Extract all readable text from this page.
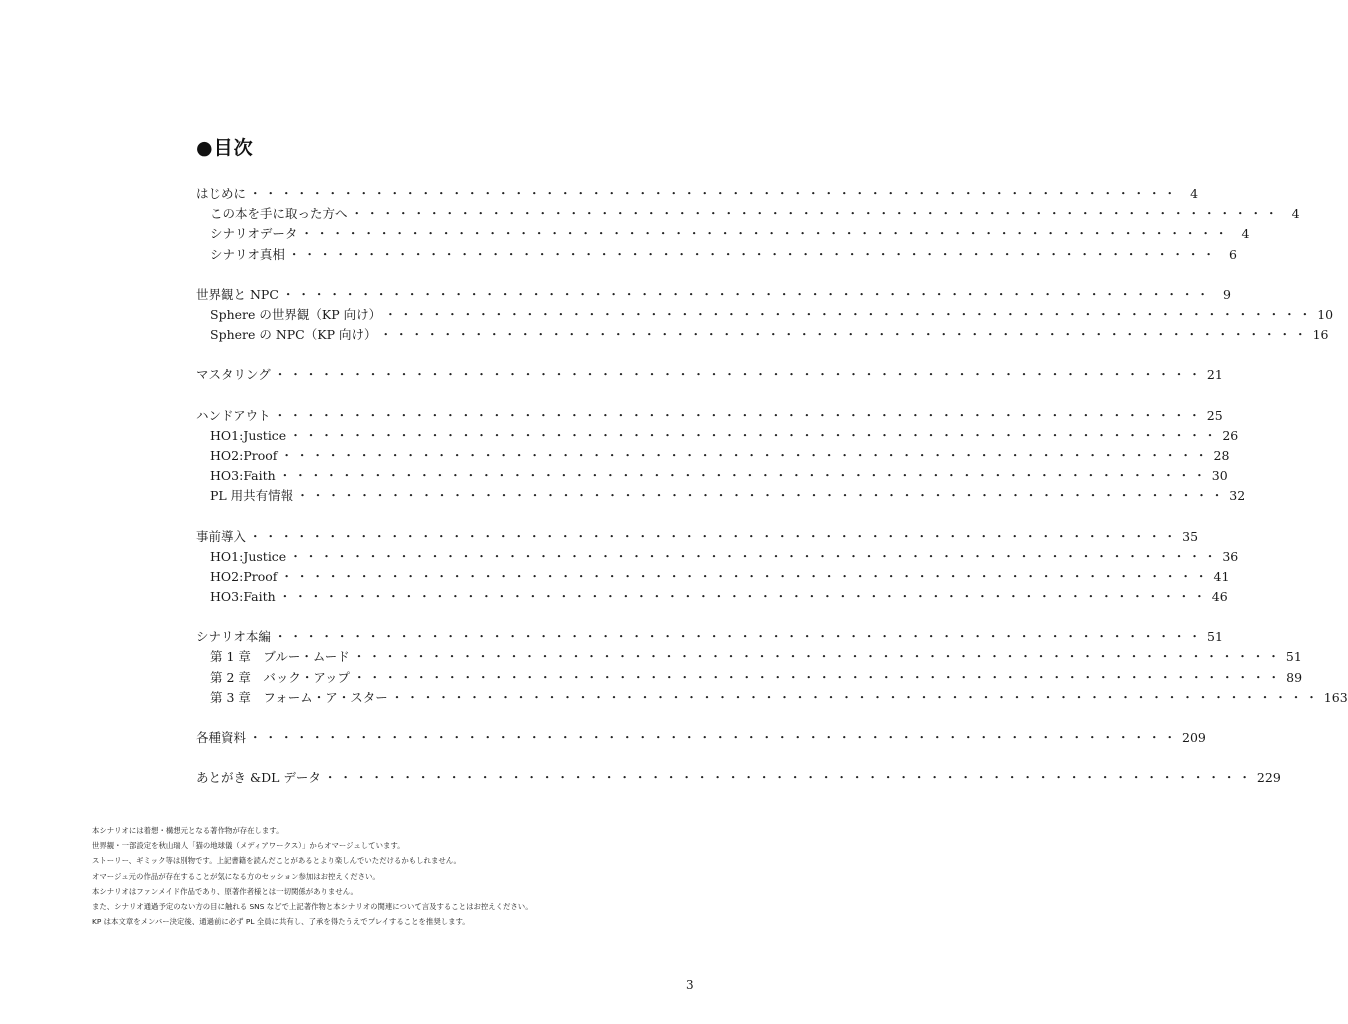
●目次
はじめに ・・・・・・・・・・・・・・・・・・・・・・・・・・・・・・・・・・・・・・・・・・・・・・・・・・・・・・・・・・・・ 4
この本を手に取った方へ ・・・・・・・・・・・・・・・・・・・・・・・・・・・・・・・・・・・・・・・・・・・・・・・・・・・・・・・・・・・・ 4
シナリオデータ ・・・・・・・・・・・・・・・・・・・・・・・・・・・・・・・・・・・・・・・・・・・・・・・・・・・・・・・・・・・・ 4
シナリオ真相 ・・・・・・・・・・・・・・・・・・・・・・・・・・・・・・・・・・・・・・・・・・・・・・・・・・・・・・・・・・・・ 6
世界観と NPC ・・・・・・・・・・・・・・・・・・・・・・・・・・・・・・・・・・・・・・・・・・・・・・・・・・・・・・・・・・・・ 9
Sphere の世界観（KP 向け） ・・・・・・・・・・・・・・・・・・・・・・・・・・・・・・・・・・・・・・・・・・・・・・・・・・・・・・・・・・・・ 10
Sphere の NPC（KP 向け） ・・・・・・・・・・・・・・・・・・・・・・・・・・・・・・・・・・・・・・・・・・・・・・・・・・・・・・・・・・・・ 16
マスタリング ・・・・・・・・・・・・・・・・・・・・・・・・・・・・・・・・・・・・・・・・・・・・・・・・・・・・・・・・・・・・ 21
ハンドアウト ・・・・・・・・・・・・・・・・・・・・・・・・・・・・・・・・・・・・・・・・・・・・・・・・・・・・・・・・・・・・ 25
HO1:Justice ・・・・・・・・・・・・・・・・・・・・・・・・・・・・・・・・・・・・・・・・・・・・・・・・・・・・・・・・・・・・ 26
HO2:Proof ・・・・・・・・・・・・・・・・・・・・・・・・・・・・・・・・・・・・・・・・・・・・・・・・・・・・・・・・・・・・ 28
HO3:Faith ・・・・・・・・・・・・・・・・・・・・・・・・・・・・・・・・・・・・・・・・・・・・・・・・・・・・・・・・・・・・ 30
PL 用共有情報 ・・・・・・・・・・・・・・・・・・・・・・・・・・・・・・・・・・・・・・・・・・・・・・・・・・・・・・・・・・・・ 32
事前導入 ・・・・・・・・・・・・・・・・・・・・・・・・・・・・・・・・・・・・・・・・・・・・・・・・・・・・・・・・・・・・ 35
HO1:Justice ・・・・・・・・・・・・・・・・・・・・・・・・・・・・・・・・・・・・・・・・・・・・・・・・・・・・・・・・・・・・ 36
HO2:Proof ・・・・・・・・・・・・・・・・・・・・・・・・・・・・・・・・・・・・・・・・・・・・・・・・・・・・・・・・・・・・ 41
HO3:Faith ・・・・・・・・・・・・・・・・・・・・・・・・・・・・・・・・・・・・・・・・・・・・・・・・・・・・・・・・・・・・ 46
シナリオ本編 ・・・・・・・・・・・・・・・・・・・・・・・・・・・・・・・・・・・・・・・・・・・・・・・・・・・・・・・・・・・・ 51
第 1 章　ブルー・ムード ・・・・・・・・・・・・・・・・・・・・・・・・・・・・・・・・・・・・・・・・・・・・・・・・・・・・・・・・・・・・ 51
第 2 章　バック・アップ ・・・・・・・・・・・・・・・・・・・・・・・・・・・・・・・・・・・・・・・・・・・・・・・・・・・・・・・・・・・・ 89
第 3 章　フォーム・ア・スター ・・・・・・・・・・・・・・・・・・・・・・・・・・・・・・・・・・・・・・・・・・・・・・・・・・・・・・・・・・・・ 163
各種資料 ・・・・・・・・・・・・・・・・・・・・・・・・・・・・・・・・・・・・・・・・・・・・・・・・・・・・・・・・・・・・ 209
あとがき &DL データ ・・・・・・・・・・・・・・・・・・・・・・・・・・・・・・・・・・・・・・・・・・・・・・・・・・・・・・・・・・・・ 229
本シナリオには着想・構想元となる著作物が存在します。
世界観・一部設定を秋山瑞人「猫の地球儀（メディアワークス）」からオマージュしています。
ストーリー、ギミック等は別物です。上記書籍を読んだことがあるとより楽しんでいただけるかもしれません。
オマージュ元の作品が存在することが気になる方のセッション参加はお控えください。
本シナリオはファンメイド作品であり、原著作者様とは一切関係がありません。
また、シナリオ通過予定のない方の目に触れる SNS などで上記著作物と本シナリオの関連について言及することはお控えください。
KP は本文章をメンバー決定後、通過前に必ず PL 全員に共有し、了承を得たうえでプレイすることを推奨します。
3
